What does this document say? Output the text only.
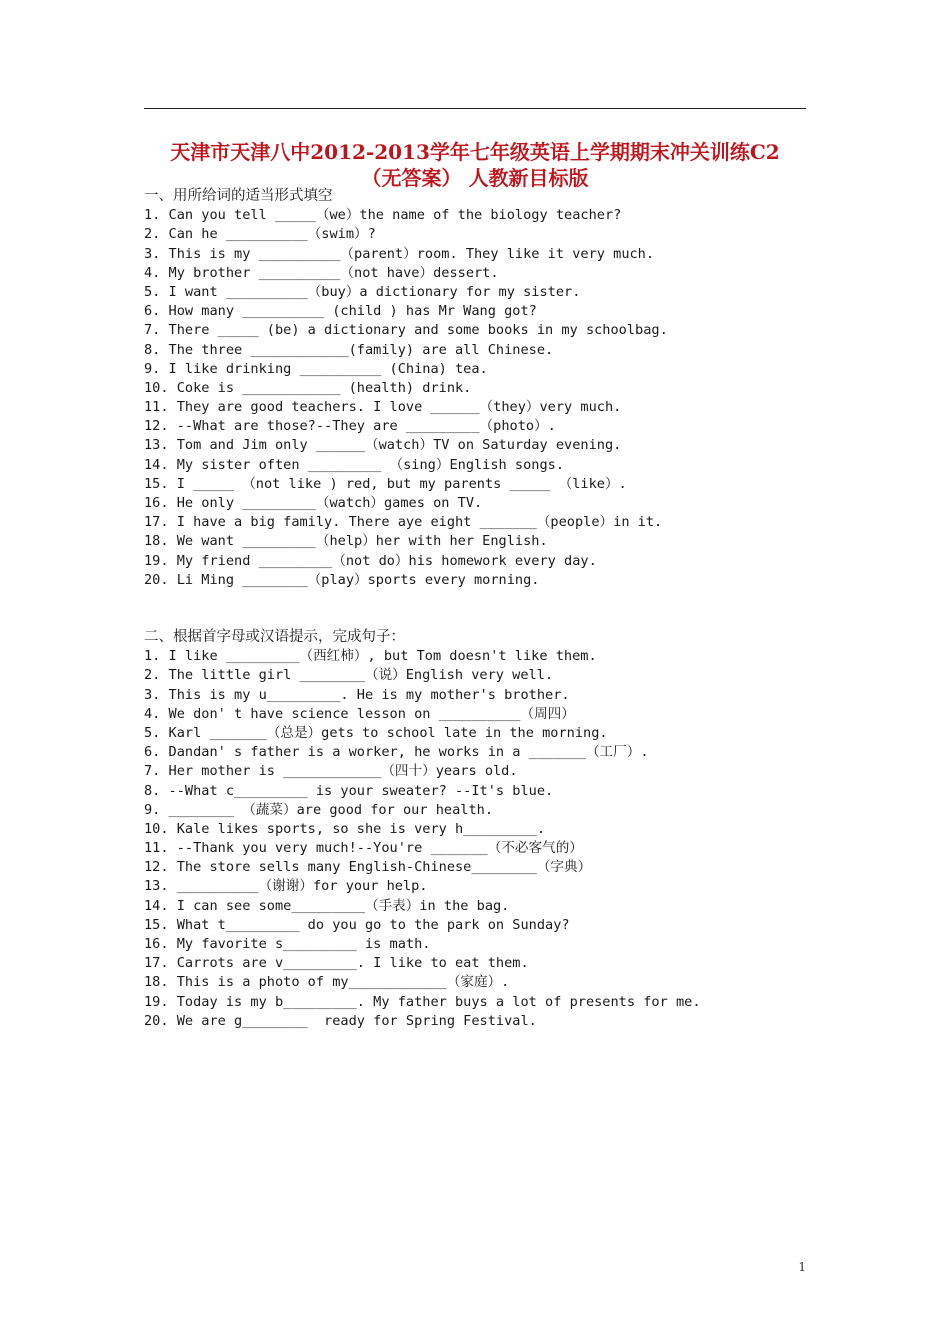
天津市天津八中2012-2013学年七年级英语上学期期末冲关训练C2
（无答案） 人教新目标版
一、用所给词的适当形式填空
1. Can you tell _____（we）the name of the biology teacher?
2. Can he __________（swim）?
3. This is my __________（parent）room. They like it very much.
4. My brother __________（not have）dessert.
5. I want __________（buy）a dictionary for my sister.
6. How many __________ (child ) has Mr Wang got?
7. There _____ (be) a dictionary and some books in my schoolbag.
8. The three ____________(family) are all Chinese.
9. I like drinking __________ (China) tea.
10. Coke is ____________ (health) drink.
11. They are good teachers. I love ______（they）very much.
12. --What are those?--They are _________（photo）.
13. Tom and Jim only ______（watch）TV on Saturday evening.
14. My sister often _________ （sing）English songs.
15. I _____ （not like ) red, but my parents _____ （like）.
16. He only _________（watch）games on TV.
17. I have a big family. There aye eight _______（people）in it.
18. We want _________（help）her with her English.
19. My friend _________（not do）his homework every day.
20. Li Ming ________（play）sports every morning.
二、根据首字母或汉语提示，完成句子：
1. I like _________（西红柿）, but Tom doesn't like them.
2. The little girl ________（说）English very well.
3. This is my u_________. He is my mother's brother.
4. We don' t have science lesson on __________（周四）
5. Karl _______（总是）gets to school late in the morning.
6. Dandan' s father is a worker, he works in a _______（工厂）.
7. Her mother is ____________（四十）years old.
8. --What c_________ is your sweater? --It's blue.
9. ________ （蔬菜）are good for our health.
10. Kale likes sports, so she is very h_________.
11. --Thank you very much!--You're _______（不必客气的）
12. The store sells many English-Chinese________（字典）
13. __________（谢谢）for your help.
14. I can see some_________（手表）in the bag.
15. What t_________ do you go to the park on Sunday?
16. My favorite s_________ is math.
17. Carrots are v_________. I like to eat them.
18. This is a photo of my____________（家庭）.
19. Today is my b_________. My father buys a lot of presents for me.
20. We are g________  ready for Spring Festival.
1
